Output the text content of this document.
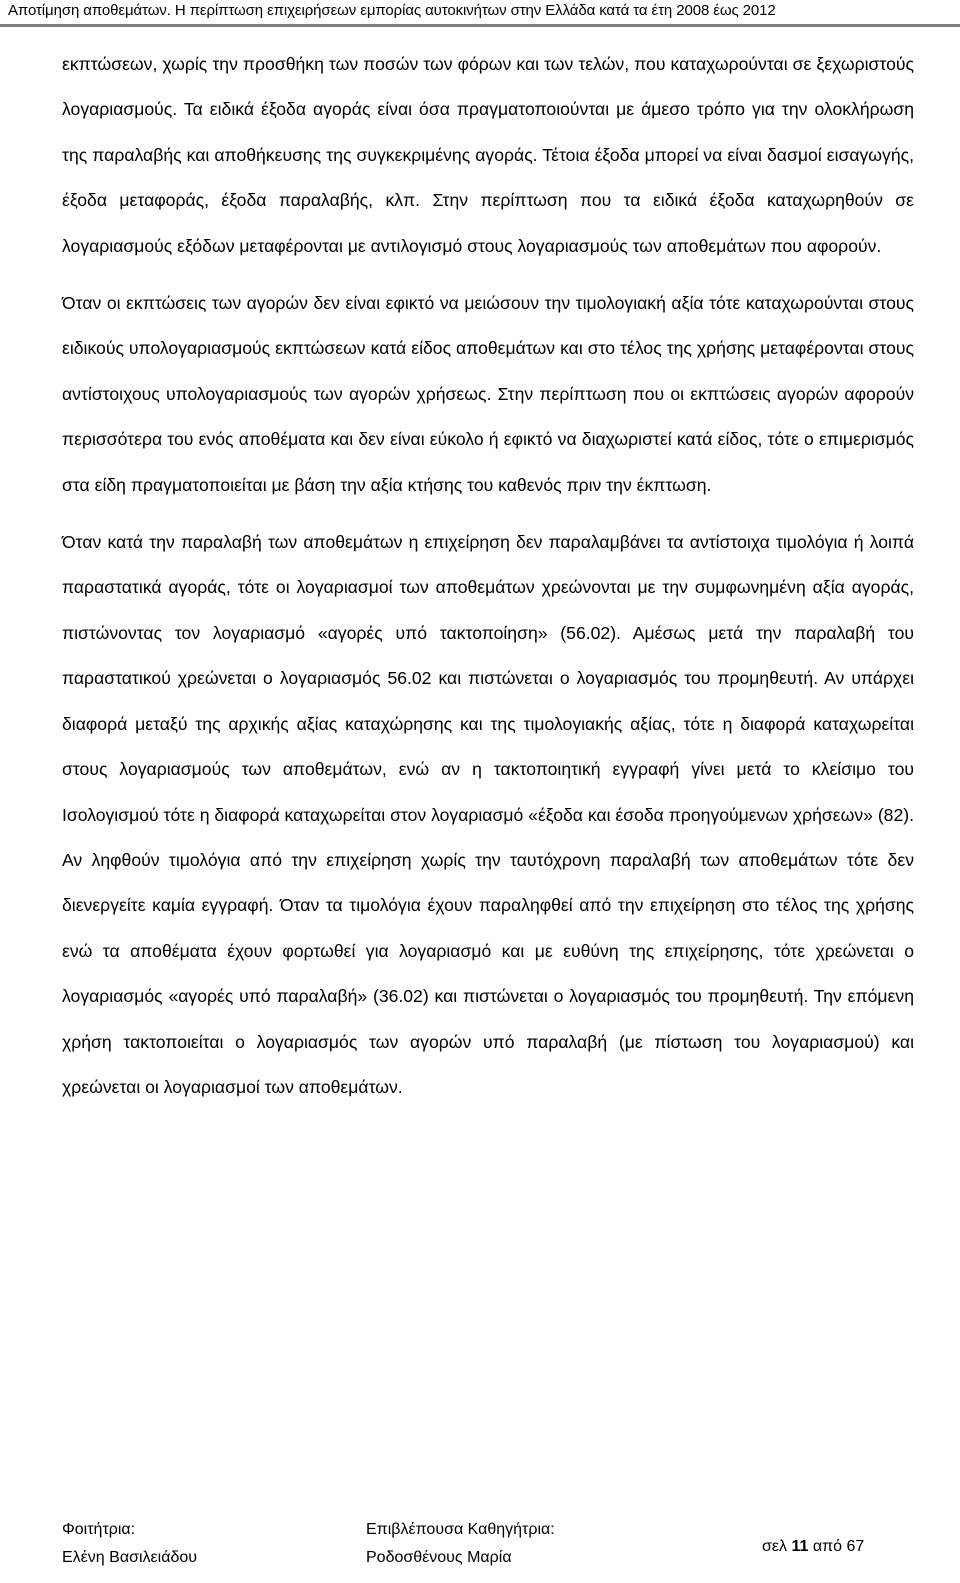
Αποτίμηση αποθεμάτων. Η περίπτωση επιχειρήσεων εμπορίας αυτοκινήτων στην Ελλάδα κατά τα έτη 2008 έως 2012

εκπτώσεων, χωρίς την προσθήκη των ποσών των φόρων και των τελών, που καταχωρούνται σε ξεχωριστούς λογαριασμούς. Τα ειδικά έξοδα αγοράς είναι όσα πραγματοποιούνται με άμεσο τρόπο για την ολοκλήρωση της παραλαβής και αποθήκευσης της συγκεκριμένης αγοράς. Τέτοια έξοδα μπορεί να είναι δασμοί εισαγωγής, έξοδα μεταφοράς, έξοδα παραλαβής, κλπ. Στην περίπτωση που τα ειδικά έξοδα καταχωρηθούν σε λογαριασμούς εξόδων μεταφέρονται με αντιλογισμό στους λογαριασμούς των αποθεμάτων που αφορούν.

Όταν οι εκπτώσεις των αγορών δεν είναι εφικτό να μειώσουν την τιμολογιακή αξία τότε καταχωρούνται στους ειδικούς υπολογαριασμούς εκπτώσεων κατά είδος αποθεμάτων και στο τέλος της χρήσης μεταφέρονται στους αντίστοιχους υπολογαριασμούς των αγορών χρήσεως. Στην περίπτωση που οι εκπτώσεις αγορών αφορούν περισσότερα του ενός αποθέματα και δεν είναι εύκολο ή εφικτό να διαχωριστεί κατά είδος, τότε ο επιμερισμός στα είδη πραγματοποιείται με βάση την αξία κτήσης του καθενός πριν την έκπτωση.

Όταν κατά την παραλαβή των αποθεμάτων η επιχείρηση δεν παραλαμβάνει τα αντίστοιχα τιμολόγια ή λοιπά παραστατικά αγοράς, τότε οι λογαριασμοί των αποθεμάτων χρεώνονται με την συμφωνημένη αξία αγοράς, πιστώνοντας τον λογαριασμό «αγορές υπό τακτοποίηση» (56.02). Αμέσως μετά την παραλαβή του παραστατικού χρεώνεται ο λογαριασμός 56.02 και πιστώνεται ο λογαριασμός του προμηθευτή. Αν υπάρχει διαφορά μεταξύ της αρχικής αξίας καταχώρησης και της τιμολογιακής αξίας, τότε η διαφορά καταχωρείται στους λογαριασμούς των αποθεμάτων, ενώ αν η τακτοποιητική εγγραφή γίνει μετά το κλείσιμο του Ισολογισμού τότε η διαφορά καταχωρείται στον λογαριασμό «έξοδα και έσοδα προηγούμενων χρήσεων» (82). Αν ληφθούν τιμολόγια από την επιχείρηση χωρίς την ταυτόχρονη παραλαβή των αποθεμάτων τότε δεν διενεργείτε καμία εγγραφή. Όταν τα τιμολόγια έχουν παραληφθεί από την επιχείρηση στο τέλος της χρήσης ενώ τα αποθέματα έχουν φορτωθεί για λογαριασμό και με ευθύνη της επιχείρησης, τότε χρεώνεται ο λογαριασμός «αγορές υπό παραλαβή» (36.02) και πιστώνεται ο λογαριασμός του προμηθευτή. Την επόμενη χρήση τακτοποιείται ο λογαριασμός των αγορών υπό παραλαβή (με πίστωση του λογαριασμού) και χρεώνεται οι λογαριασμοί των αποθεμάτων.

Φοιτήτρια:
Ελένη Βασιλειάδου
Επιβλέπουσα Καθηγήτρια:
Ροδοσθένους Μαρία
σελ 11 από 67
